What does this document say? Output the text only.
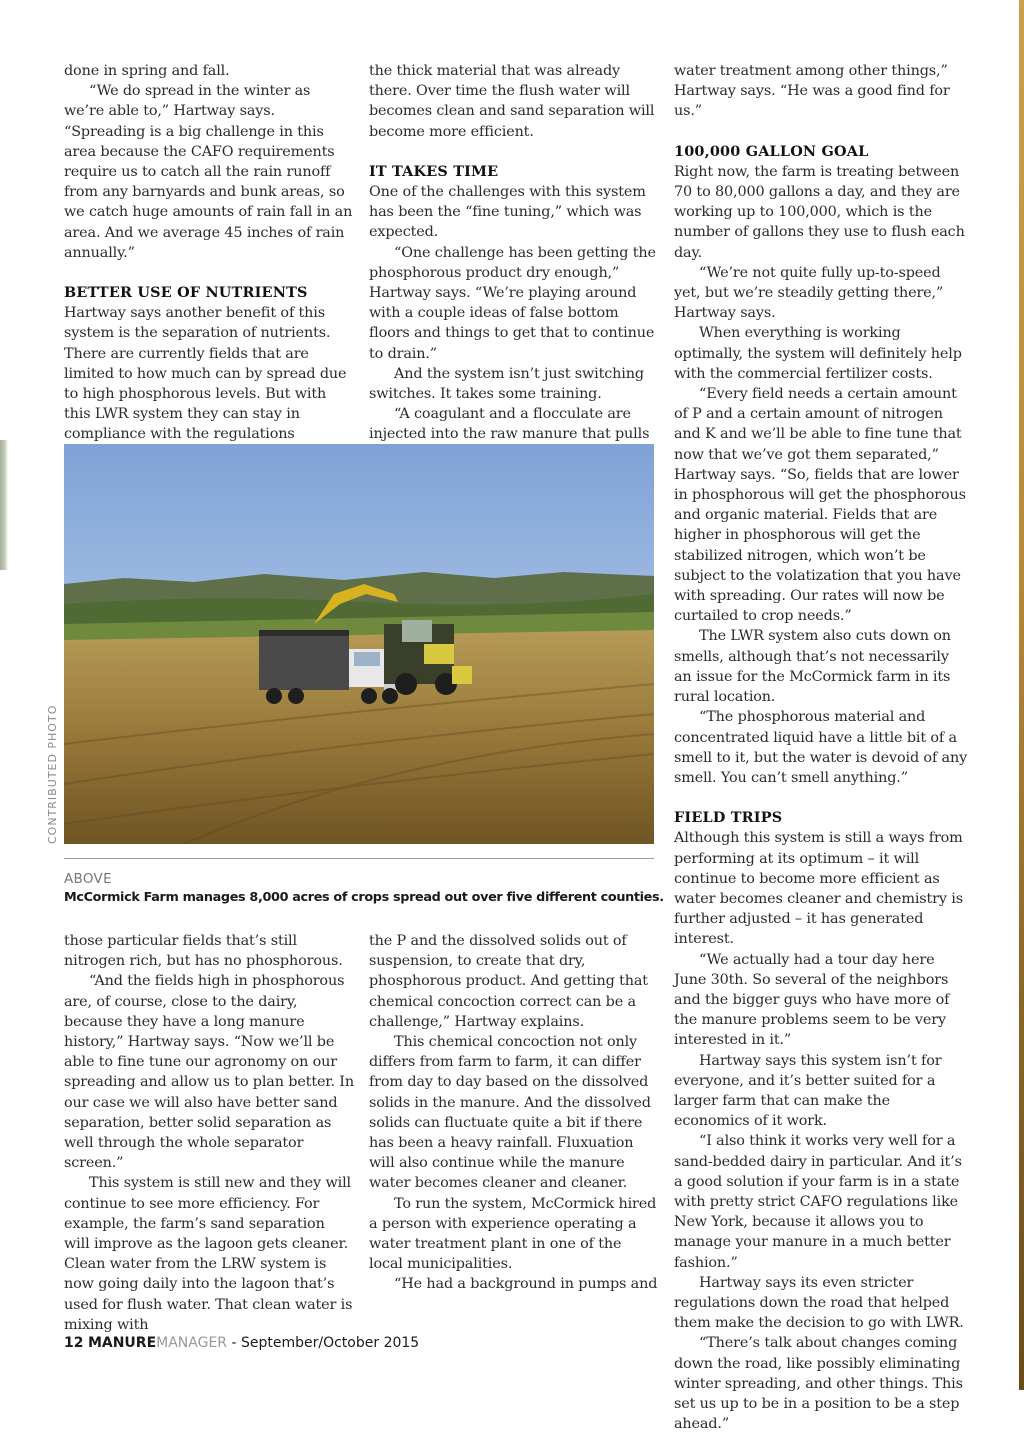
done in spring and fall.

“We do spread in the winter as we’re able to,” Hartway says. “Spreading is a big challenge in this area because the CAFO requirements require us to catch all the rain runoff from any barnyards and bunk areas, so we catch huge amounts of rain fall in an area. And we average 45 inches of rain annually.”

BETTER USE OF NUTRIENTS

Hartway says another benefit of this system is the separation of nutrients. There are currently fields that are limited to how much can by spread due to high phosphorous levels. But with this LWR system they can stay in compliance with the regulations

the thick material that was already there. Over time the flush water will becomes clean and sand separation will become more efficient.

IT TAKES TIME

One of the challenges with this system has been the “fine tuning,” which was expected.

“One challenge has been getting the phosphorous product dry enough,” Hartway says. “We’re playing around with a couple ideas of false bottom floors and things to get that to continue to drain.”

And the system isn’t just switching switches. It takes some training.

“A coagulant and a flocculate are injected into the raw manure that pulls

water treatment among other things,” Hartway says. “He was a good find for us.”

100,000 GALLON GOAL

Right now, the farm is treating between 70 to 80,000 gallons a day, and they are working up to 100,000, which is the number of gallons they use to flush each day.

“We’re not quite fully up-to-speed yet, but we’re steadily getting there,” Hartway says.

When everything is working optimally, the system will definitely help with the commercial fertilizer costs.

“Every field needs a certain amount of P and a certain amount of nitrogen and K and we’ll be able to fine tune that now that we’ve got them separated,” Hartway says. “So, fields that are lower in phosphorous will get the phosphorous and organic material. Fields that are higher in phosphorous will get the stabilized nitrogen, which won’t be subject to the volatization that you have with spreading. Our rates will now be curtailed to crop needs.”

The LWR system also cuts down on smells, although that’s not necessarily an issue for the McCormick farm in its rural location.

“The phosphorous material and concentrated liquid have a little bit of a smell to it, but the water is devoid of any smell. You can’t smell anything.”

FIELD TRIPS

Although this system is still a ways from performing at its optimum – it will continue to become more efficient as water becomes cleaner and chemistry is further adjusted – it has generated interest.

“We actually had a tour day here June 30th. So several of the neighbors and the bigger guys who have more of the manure problems seem to be very interested in it.”

Hartway says this system isn’t for everyone, and it’s better suited for a larger farm that can make the economics of it work.

“I also think it works very well for a sand-bedded dairy in particular. And it’s a good solution if your farm is in a state with pretty strict CAFO regulations like New York, because it allows you to manage your manure in a much better fashion.”

Hartway says its even stricter regulations down the road that helped them make the decision to go with LWR.

“There’s talk about changes coming down the road, like possibly eliminating winter spreading, and other things. This set us up to be in a position to be a step ahead.”

those particular fields that’s still nitrogen rich, but has no phosphorous.

“And the fields high in phosphorous are, of course, close to the dairy, because they have a long manure history,” Hartway says. “Now we’ll be able to fine tune our agronomy on our spreading and allow us to plan better. In our case we will also have better sand separation, better solid separation as well through the whole separator screen.”

This system is still new and they will continue to see more efficiency. For example, the farm’s sand separation will improve as the lagoon gets cleaner. Clean water from the LRW system is now going daily into the lagoon that’s used for flush water. That clean water is mixing with

the P and the dissolved solids out of suspension, to create that dry, phosphorous product. And getting that chemical concoction correct can be a challenge,” Hartway explains.

This chemical concoction not only differs from farm to farm, it can differ from day to day based on the dissolved solids in the manure. And the dissolved solids can fluctuate quite a bit if there has been a heavy rainfall. Fluxuation will also continue while the manure water becomes cleaner and cleaner.

To run the system, McCormick hired a person with experience operating a water treatment plant in one of the local municipalities.

“He had a background in pumps and

CONTRIBUTED PHOTO
ABOVE
McCormick Farm manages 8,000 acres of crops spread out over five different counties.
12 MANUREMANAGER - September/October 2015
